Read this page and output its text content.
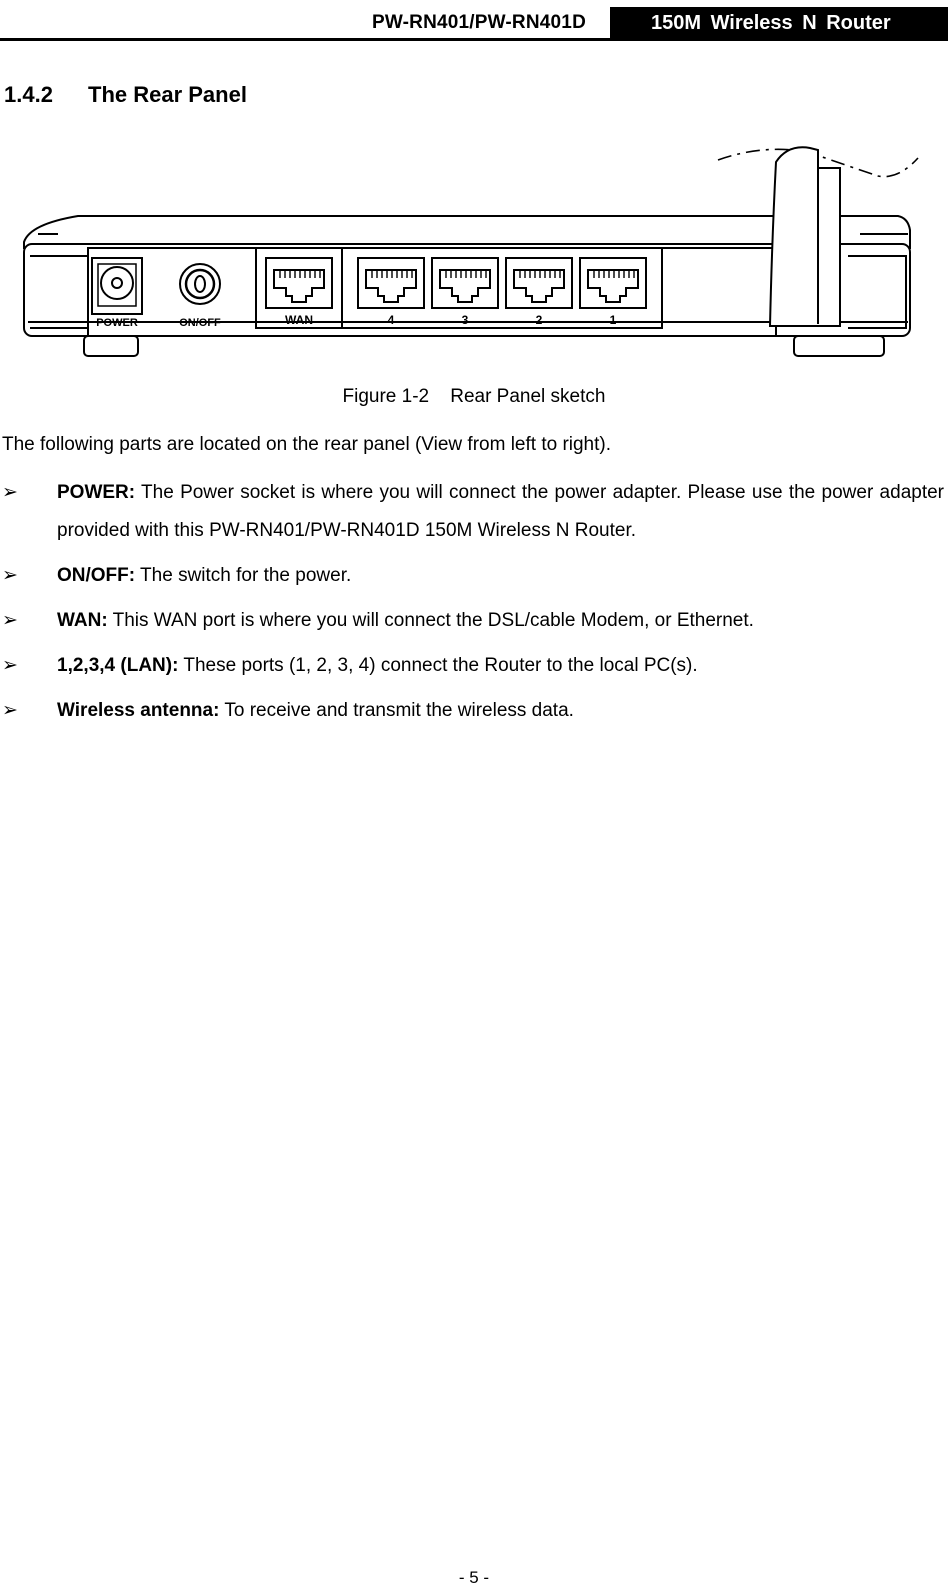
PW-RN401/PW-RN401D	150M Wireless N Router
1.4.2 The Rear Panel
POWER	ON/OFF	WAN	4	3	2	1
Figure 1-2    Rear Panel sketch
The following parts are located on the rear panel (View from left to right).
➢ POWER: The Power socket is where you will connect the power adapter. Please use the power adapter provided with this PW-RN401/PW-RN401D 150M Wireless N Router.
➢ ON/OFF: The switch for the power.
➢ WAN: This WAN port is where you will connect the DSL/cable Modem, or Ethernet.
➢ 1,2,3,4 (LAN): These ports (1, 2, 3, 4) connect the Router to the local PC(s).
➢ Wireless antenna: To receive and transmit the wireless data.
- 5 -
